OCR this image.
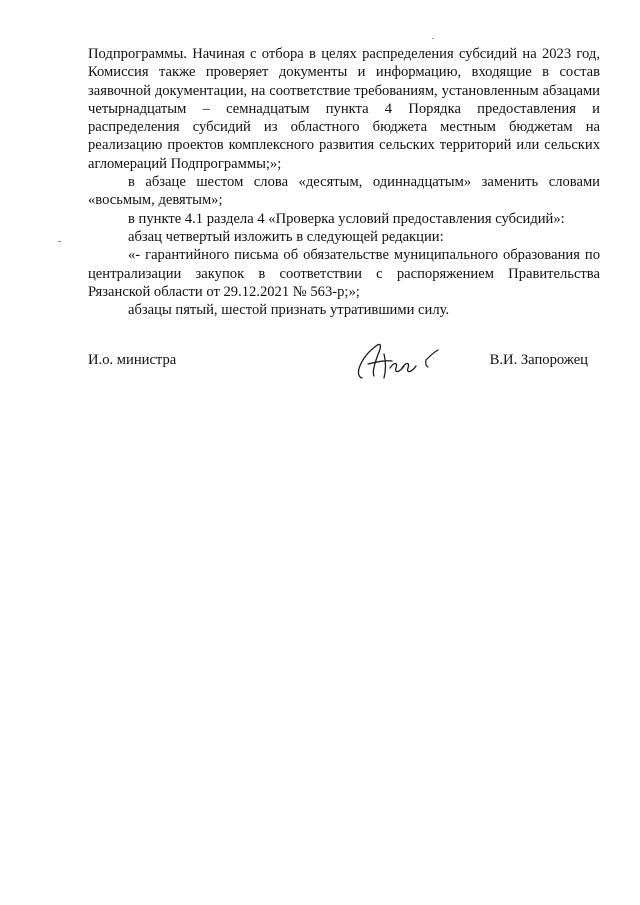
Подпрограммы. Начиная с отбора в целях распределения субсидий на 2023 год, Комиссия также проверяет документы и информацию, входящие в состав заявочной документации, на соответствие требованиям, установленным абзацами четырнадцатым – семнадцатым пункта 4 Порядка предоставления и распределения субсидий из областного бюджета местным бюджетам на реализацию проектов комплексного развития сельских территорий или сельских агломераций Подпрограммы;»;

в абзаце шестом слова «десятым, одиннадцатым» заменить словами «восьмым, девятым»;

в пункте 4.1 раздела 4 «Проверка условий предоставления субсидий»:

абзац четвертый изложить в следующей редакции:

«- гарантийного письма об обязательстве муниципального образования по централизации закупок в соответствии с распоряжением Правительства Рязанской области от 29.12.2021 № 563-р;»;

абзацы пятый, шестой признать утратившими силу.

И.о. министра	В.И. Запорожец
